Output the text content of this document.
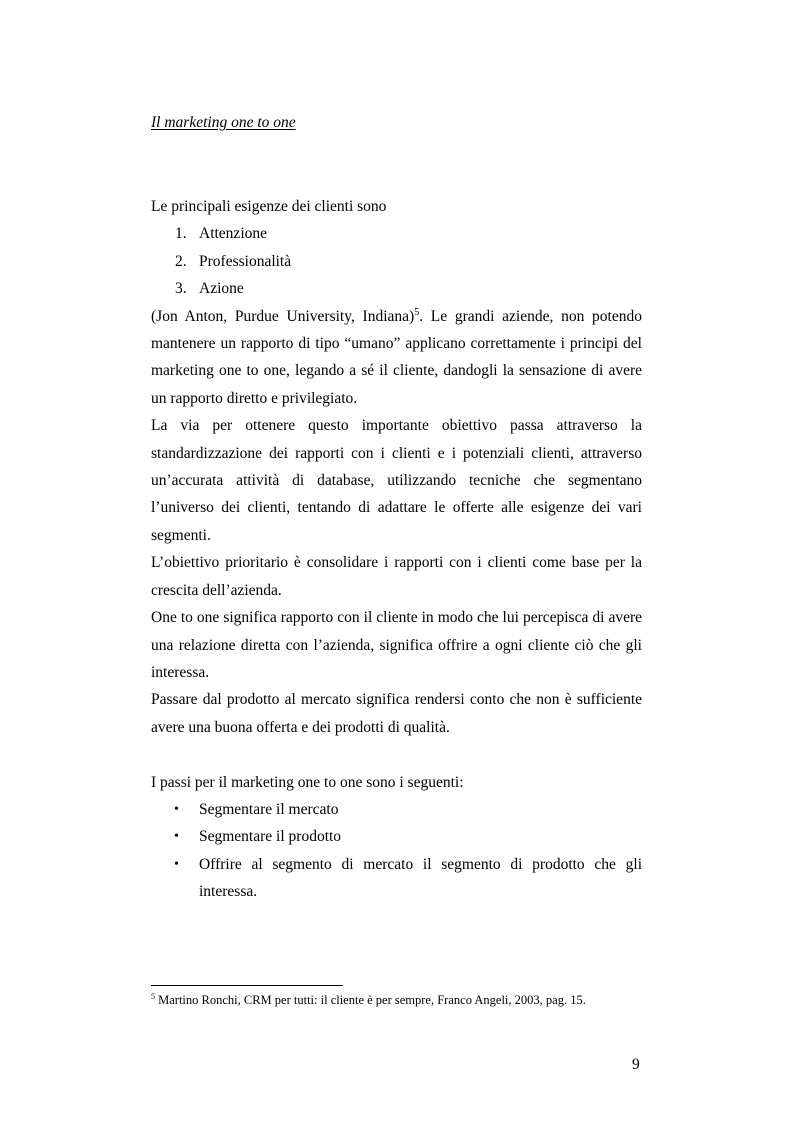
Il marketing one to one

Le principali esigenze dei clienti sono

1. Attenzione
2. Professionalità
3. Azione

(Jon Anton, Purdue University, Indiana)$^5$. Le grandi aziende, non potendo mantenere un rapporto di tipo “umano” applicano correttamente i principi del marketing one to one, legando a sé il cliente, dandogli la sensazione di avere un rapporto diretto e privilegiato.

La via per ottenere questo importante obiettivo passa attraverso la standardizzazione dei rapporti con i clienti e i potenziali clienti, attraverso un’accurata attività di database, utilizzando tecniche che segmentano l’universo dei clienti, tentando di adattare le offerte alle esigenze dei vari segmenti.

L’obiettivo prioritario è consolidare i rapporti con i clienti come base per la crescita dell’azienda.

One to one significa rapporto con il cliente in modo che lui percepisca di avere una relazione diretta con l’azienda, significa offrire a ogni cliente ciò che gli interessa.

Passare dal prodotto al mercato significa rendersi conto che non è sufficiente avere una buona offerta e dei prodotti di qualità.

I passi per il marketing one to one sono i seguenti:

• Segmentare il mercato
• Segmentare il prodotto
• Offrire al segmento di mercato il segmento di prodotto che gli interessa.
$^5$ Martino Ronchi, CRM per tutti: il cliente è per sempre, Franco Angeli, 2003, pag. 15.
9
